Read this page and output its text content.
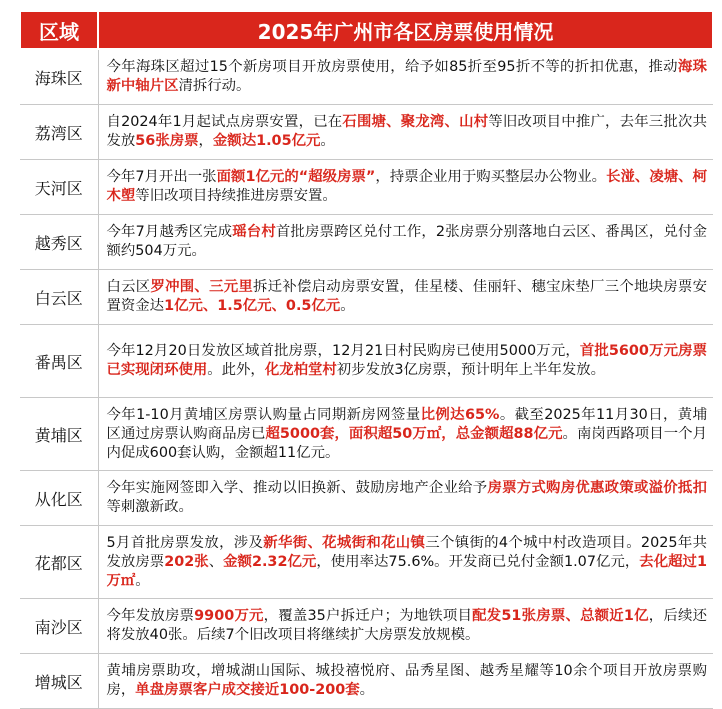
区域	2025年广州市各区房票使用情况
海珠区	今年海珠区超过15个新房项目开放房票使用，给予如85折至95折不等的折扣优惠，推动海珠新中轴片区清拆行动。
荔湾区	自2024年1月起试点房票安置，已在石围塘、聚龙湾、山村等旧改项目中推广，去年三批次共发放56张房票，金额达1.05亿元。
天河区	今年7月开出一张面额1亿元的“超级房票”，持票企业用于购买整层办公物业。长湴、凌塘、柯木塱等旧改项目持续推进房票安置。
越秀区	今年7月越秀区完成瑶台村首批房票跨区兑付工作，2张房票分别落地白云区、番禺区，兑付金额约504万元。
白云区	白云区罗冲围、三元里拆迁补偿启动房票安置，佳星楼、佳丽轩、穗宝床垫厂三个地块房票安置资金达1亿元、1.5亿元、0.5亿元。
番禺区	今年12月20日发放区域首批房票，12月21日村民购房已使用5000万元，首批5600万元房票已实现闭环使用。此外，化龙柏堂村初步发放3亿房票，预计明年上半年发放。
黄埔区	今年1-10月黄埔区房票认购量占同期新房网签量比例达65%。截至2025年11月30日，黄埔区通过房票认购商品房已超5000套，面积超50万㎡，总金额超88亿元。南岗西路项目一个月内促成600套认购，金额超11亿元。
从化区	今年实施网签即入学、推动以旧换新、鼓励房地产企业给予房票方式购房优惠政策或溢价抵扣等刺激新政。
花都区	5月首批房票发放，涉及新华街、花城街和花山镇三个镇街的4个城中村改造项目。2025年共发放房票202张、金额2.32亿元，使用率达75.6%。开发商已兑付金额1.07亿元，去化超过1万㎡。
南沙区	今年发放房票9900万元，覆盖35户拆迁户；为地铁项目配发51张房票、总额近1亿，后续还将发放40张。后续7个旧改项目将继续扩大房票发放规模。
增城区	黄埔房票助攻，增城湖山国际、城投禧悦府、品秀星图、越秀星耀等10余个项目开放房票购房，单盘房票客户成交接近100-200套。
